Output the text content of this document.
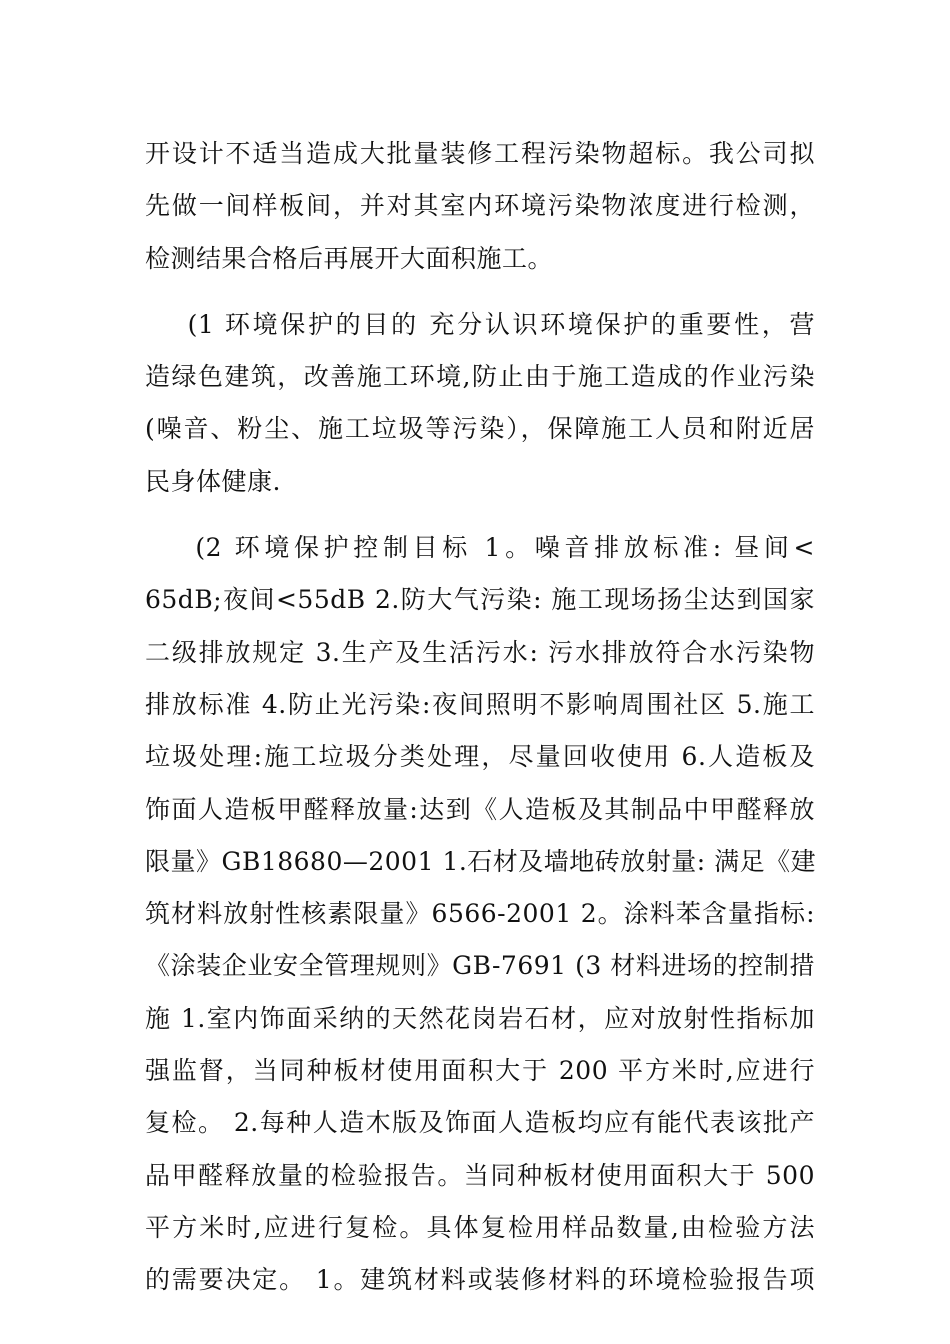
开设计不适当造成大批量装修工程污染物超标。我公司拟
先做一间样板间，并对其室内环境污染物浓度进行检测，
检测结果合格后再展开大面积施工。
(1 环境保护的目的 充分认识环境保护的重要性，营
造绿色建筑，改善施工环境,防止由于施工造成的作业污染
(噪音、粉尘、施工垃圾等污染），保障施工人员和附近居
民身体健康.
(2 环境保护控制目标 1。噪音排放标准: 昼间<
65dB;夜间<55dB 2.防大气污染: 施工现场扬尘达到国家
二级排放规定 3.生产及生活污水: 污水排放符合水污染物
排放标准 4.防止光污染:夜间照明不影响周围社区 5.施工
垃圾处理:施工垃圾分类处理，尽量回收使用 6.人造板及
饰面人造板甲醛释放量:达到《人造板及其制品中甲醛释放
限量》GB18680—2001 1.石材及墙地砖放射量: 满足《建
筑材料放射性核素限量》6566-2001 2。涂料苯含量指标:
《涂装企业安全管理规则》GB-7691 (3 材料进场的控制措
施 1.室内饰面采纳的天然花岗岩石材，应对放射性指标加
强监督，当同种板材使用面积大于 200 平方米时,应进行
复检。 2.每种人造木版及饰面人造板均应有能代表该批产
品甲醛释放量的检验报告。当同种板材使用面积大于 500
平方米时,应进行复检。具体复检用样品数量,由检验方法
的需要决定。 1。建筑材料或装修材料的环境检验报告项
